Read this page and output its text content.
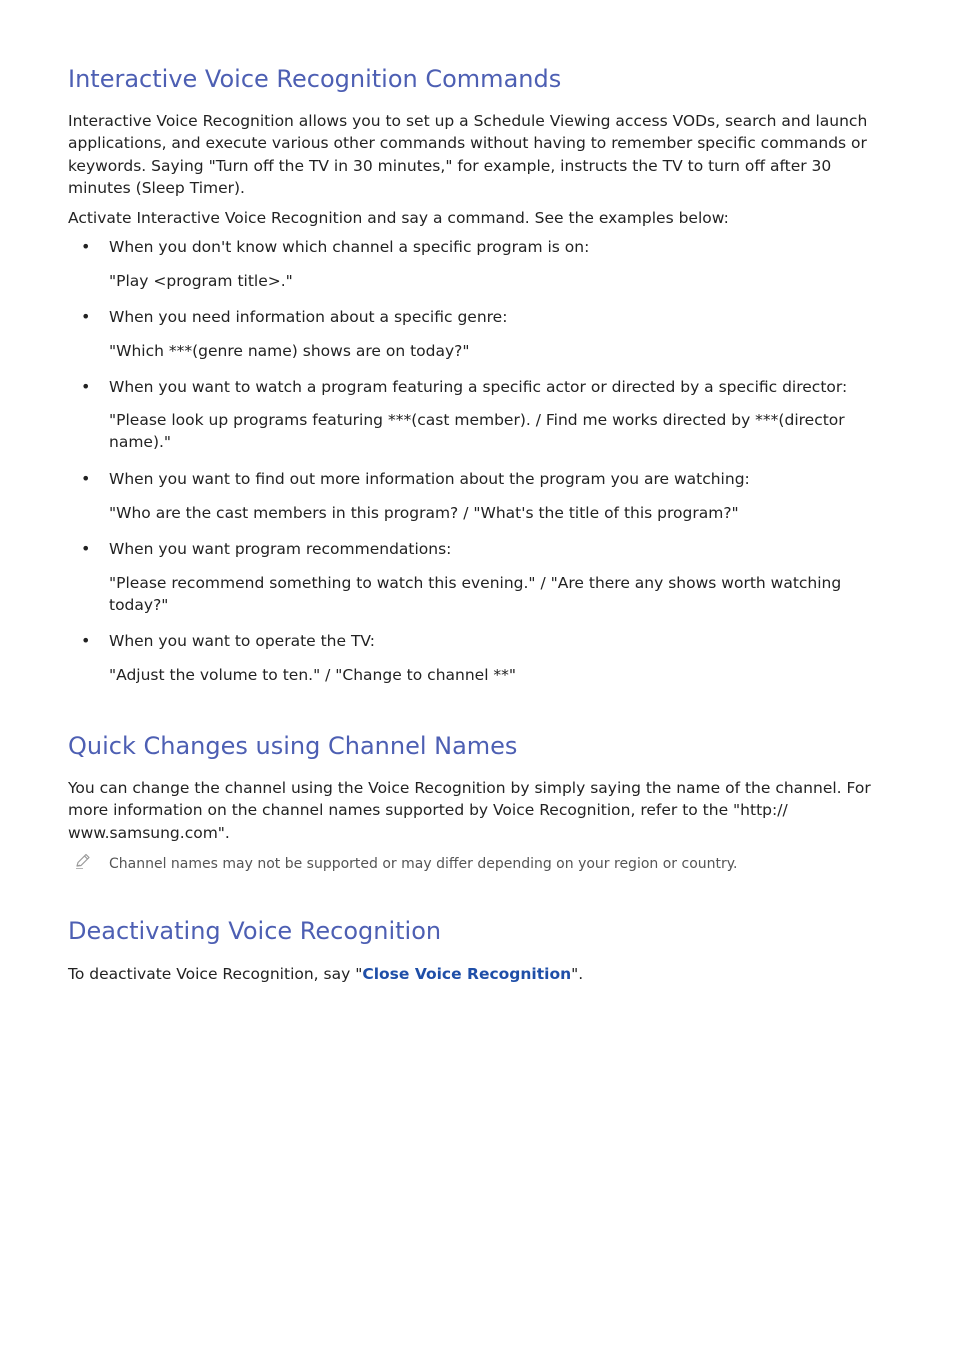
Interactive Voice Recognition Commands

Interactive Voice Recognition allows you to set up a Schedule Viewing access VODs, search and launch applications, and execute various other commands without having to remember specific commands or keywords. Saying "Turn off the TV in 30 minutes," for example, instructs the TV to turn off after 30 minutes (Sleep Timer).

Activate Interactive Voice Recognition and say a command. See the examples below:

• When you don't know which channel a specific program is on:

"Play <program title>."

• When you need information about a specific genre:

"Which ***(genre name) shows are on today?"

• When you want to watch a program featuring a specific actor or directed by a specific director:

"Please look up programs featuring ***(cast member). / Find me works directed by ***(director name)."

• When you want to find out more information about the program you are watching:

"Who are the cast members in this program? / "What's the title of this program?"

• When you want program recommendations:

"Please recommend something to watch this evening." / "Are there any shows worth watching today?"

• When you want to operate the TV:

"Adjust the volume to ten." / "Change to channel **"

Quick Changes using Channel Names

You can change the channel using the Voice Recognition by simply saying the name of the channel. For more information on the channel names supported by Voice Recognition, refer to the "http:// www.samsung.com".

Channel names may not be supported or may differ depending on your region or country.

Deactivating Voice Recognition

To deactivate Voice Recognition, say "Close Voice Recognition".
